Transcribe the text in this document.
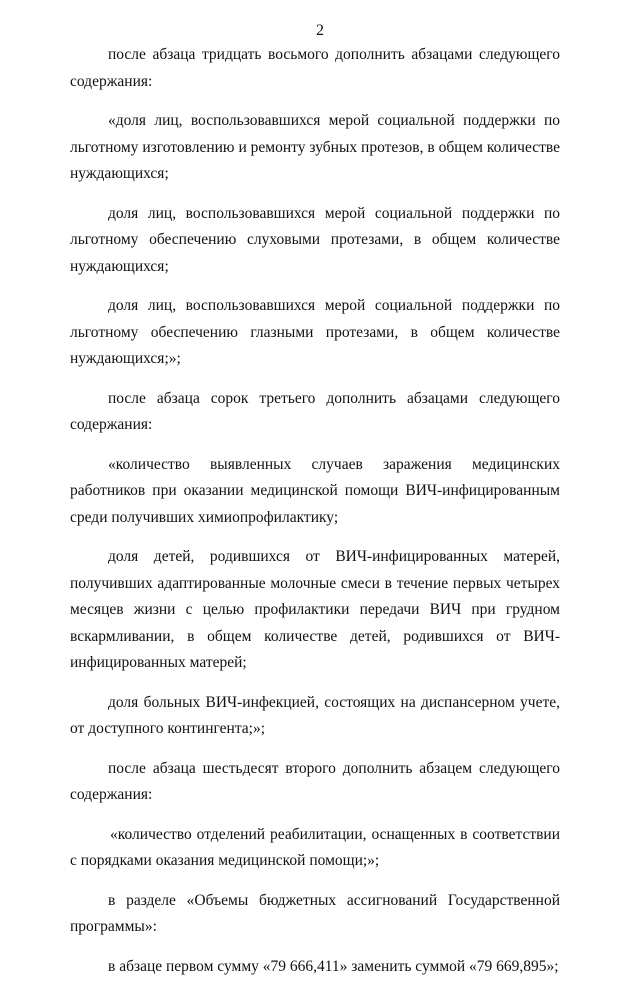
2

после абзаца тридцать восьмого дополнить абзацами следующего содержания:

«доля лиц, воспользовавшихся мерой социальной поддержки по льготному изготовлению и ремонту зубных протезов, в общем количестве нуждающихся;

доля лиц, воспользовавшихся мерой социальной поддержки по льготному обеспечению слуховыми протезами, в общем количестве нуждающихся;

доля лиц, воспользовавшихся мерой социальной поддержки по льготному обеспечению глазными протезами, в общем количестве нуждающихся;»;

после абзаца сорок третьего дополнить абзацами следующего содержания:

«количество выявленных случаев заражения медицинских работников при оказании медицинской помощи ВИЧ-инфицированным среди получивших химиопрофилактику;

доля детей, родившихся от ВИЧ-инфицированных матерей, получивших адаптированные молочные смеси в течение первых четырех месяцев жизни с целью профилактики передачи ВИЧ при грудном вскармливании, в общем количестве детей, родившихся от ВИЧ-инфицированных матерей;

доля больных ВИЧ-инфекцией, состоящих на диспансерном учете, от доступного контингента;»;

после абзаца шестьдесят второго дополнить абзацем следующего содержания:

«количество отделений реабилитации, оснащенных в соответствии с порядками оказания медицинской помощи;»;

в разделе «Объемы бюджетных ассигнований Государственной программы»:

в абзаце первом сумму «79 666,411» заменить суммой «79 669,895»;
